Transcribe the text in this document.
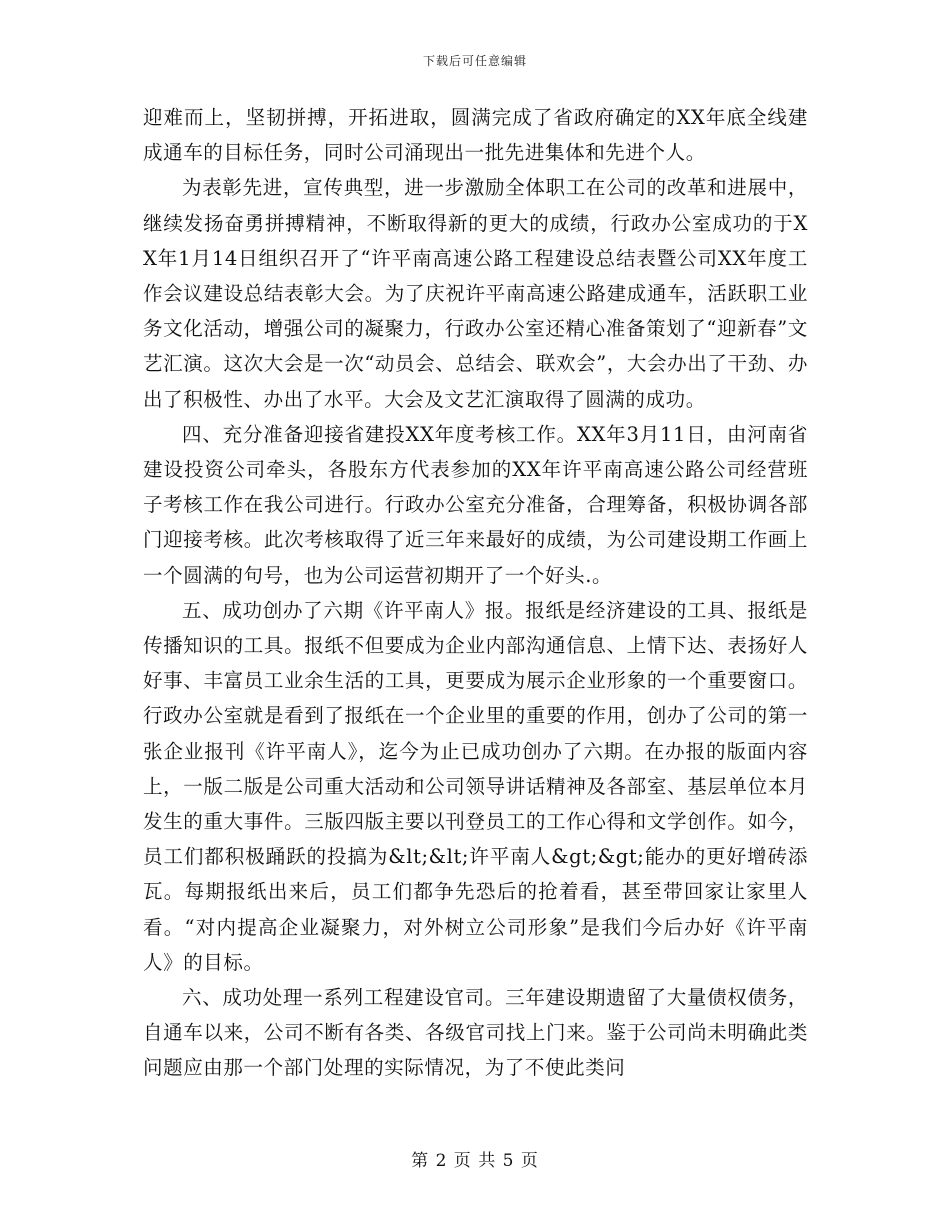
下载后可任意编辑

迎难而上，坚韧拼搏，开拓进取，圆满完成了省政府确定的XX年底全线建成通车的目标任务，同时公司涌现出一批先进集体和先进个人。

为表彰先进，宣传典型，进一步激励全体职工在公司的改革和进展中，继续发扬奋勇拼搏精神，不断取得新的更大的成绩，行政办公室成功的于XX年1月14日组织召开了“许平南高速公路工程建设总结表暨公司XX年度工作会议建设总结表彰大会。为了庆祝许平南高速公路建成通车，活跃职工业务文化活动，增强公司的凝聚力，行政办公室还精心准备策划了“迎新春”文艺汇演。这次大会是一次“动员会、总结会、联欢会”，大会办出了干劲、办出了积极性、办出了水平。大会及文艺汇演取得了圆满的成功。

四、充分准备迎接省建投XX年度考核工作。XX年3月11日，由河南省建设投资公司牵头，各股东方代表参加的XX年许平南高速公路公司经营班子考核工作在我公司进行。行政办公室充分准备，合理筹备，积极协调各部门迎接考核。此次考核取得了近三年来最好的成绩，为公司建设期工作画上一个圆满的句号，也为公司运营初期开了一个好头.。

五、成功创办了六期《许平南人》报。报纸是经济建设的工具、报纸是传播知识的工具。报纸不但要成为企业内部沟通信息、上情下达、表扬好人好事、丰富员工业余生活的工具，更要成为展示企业形象的一个重要窗口。行政办公室就是看到了报纸在一个企业里的重要的作用，创办了公司的第一张企业报刊《许平南人》，迄今为止已成功创办了六期。在办报的版面内容上，一版二版是公司重大活动和公司领导讲话精神及各部室、基层单位本月发生的重大事件。三版四版主要以刊登员工的工作心得和文学创作。如今，员工们都积极踊跃的投搞为&lt;&lt;许平南人&gt;&gt;能办的更好增砖添瓦。每期报纸出来后，员工们都争先恐后的抢着看，甚至带回家让家里人看。“对内提高企业凝聚力，对外树立公司形象”是我们今后办好《许平南人》的目标。

六、成功处理一系列工程建设官司。三年建设期遗留了大量债权债务，自通车以来，公司不断有各类、各级官司找上门来。鉴于公司尚未明确此类问题应由那一个部门处理的实际情况，为了不使此类问

第 2 页 共 5 页
